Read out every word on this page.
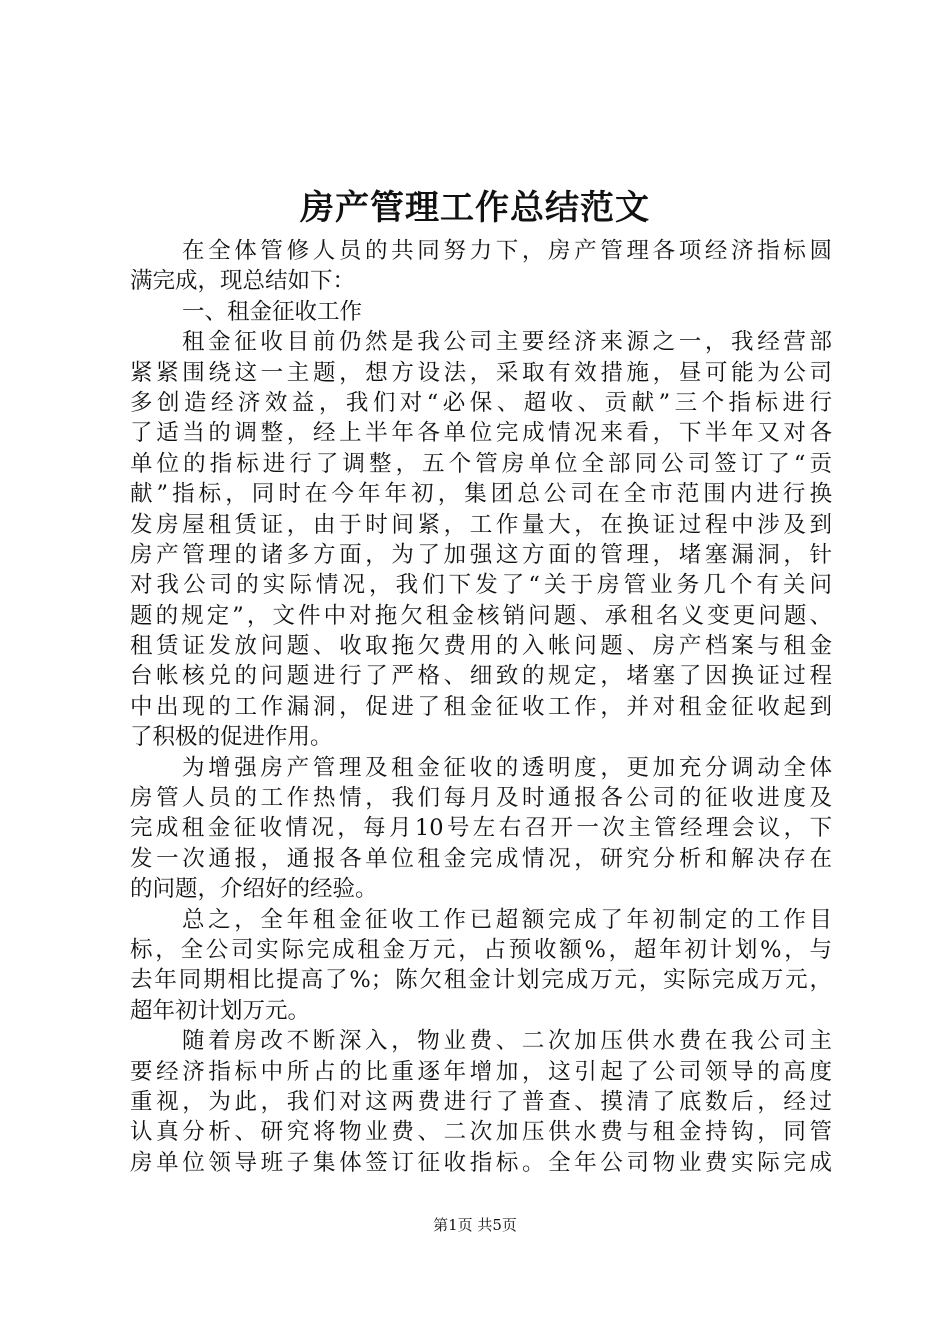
房产管理工作总结范文
在全体管修人员的共同努力下，房产管理各项经济指标圆
满完成，现总结如下：
一、租金征收工作
租金征收目前仍然是我公司主要经济来源之一，我经营部
紧紧围绕这一主题，想方设法，采取有效措施，昼可能为公司
多创造经济效益，我们对“必保、超收、贡献”三个指标进行
了适当的调整，经上半年各单位完成情况来看，下半年又对各
单位的指标进行了调整，五个管房单位全部同公司签订了“贡
献”指标，同时在今年年初，集团总公司在全市范围内进行换
发房屋租赁证，由于时间紧，工作量大，在换证过程中涉及到
房产管理的诸多方面，为了加强这方面的管理，堵塞漏洞，针
对我公司的实际情况，我们下发了“关于房管业务几个有关问
题的规定”，文件中对拖欠租金核销问题、承租名义变更问题、
租赁证发放问题、收取拖欠费用的入帐问题、房产档案与租金
台帐核兑的问题进行了严格、细致的规定，堵塞了因换证过程
中出现的工作漏洞，促进了租金征收工作，并对租金征收起到
了积极的促进作用。
为增强房产管理及租金征收的透明度，更加充分调动全体
房管人员的工作热情，我们每月及时通报各公司的征收进度及
完成租金征收情况，每月10号左右召开一次主管经理会议，下
发一次通报，通报各单位租金完成情况，研究分析和解决存在
的问题，介绍好的经验。
总之，全年租金征收工作已超额完成了年初制定的工作目
标，全公司实际完成租金万元，占预收额%，超年初计划%，与
去年同期相比提高了%；陈欠租金计划完成万元，实际完成万元，
超年初计划万元。
随着房改不断深入，物业费、二次加压供水费在我公司主
要经济指标中所占的比重逐年增加，这引起了公司领导的高度
重视，为此，我们对这两费进行了普查、摸清了底数后，经过
认真分析、研究将物业费、二次加压供水费与租金持钩，同管
房单位领导班子集体签订征收指标。全年公司物业费实际完成
第1页 共5页
